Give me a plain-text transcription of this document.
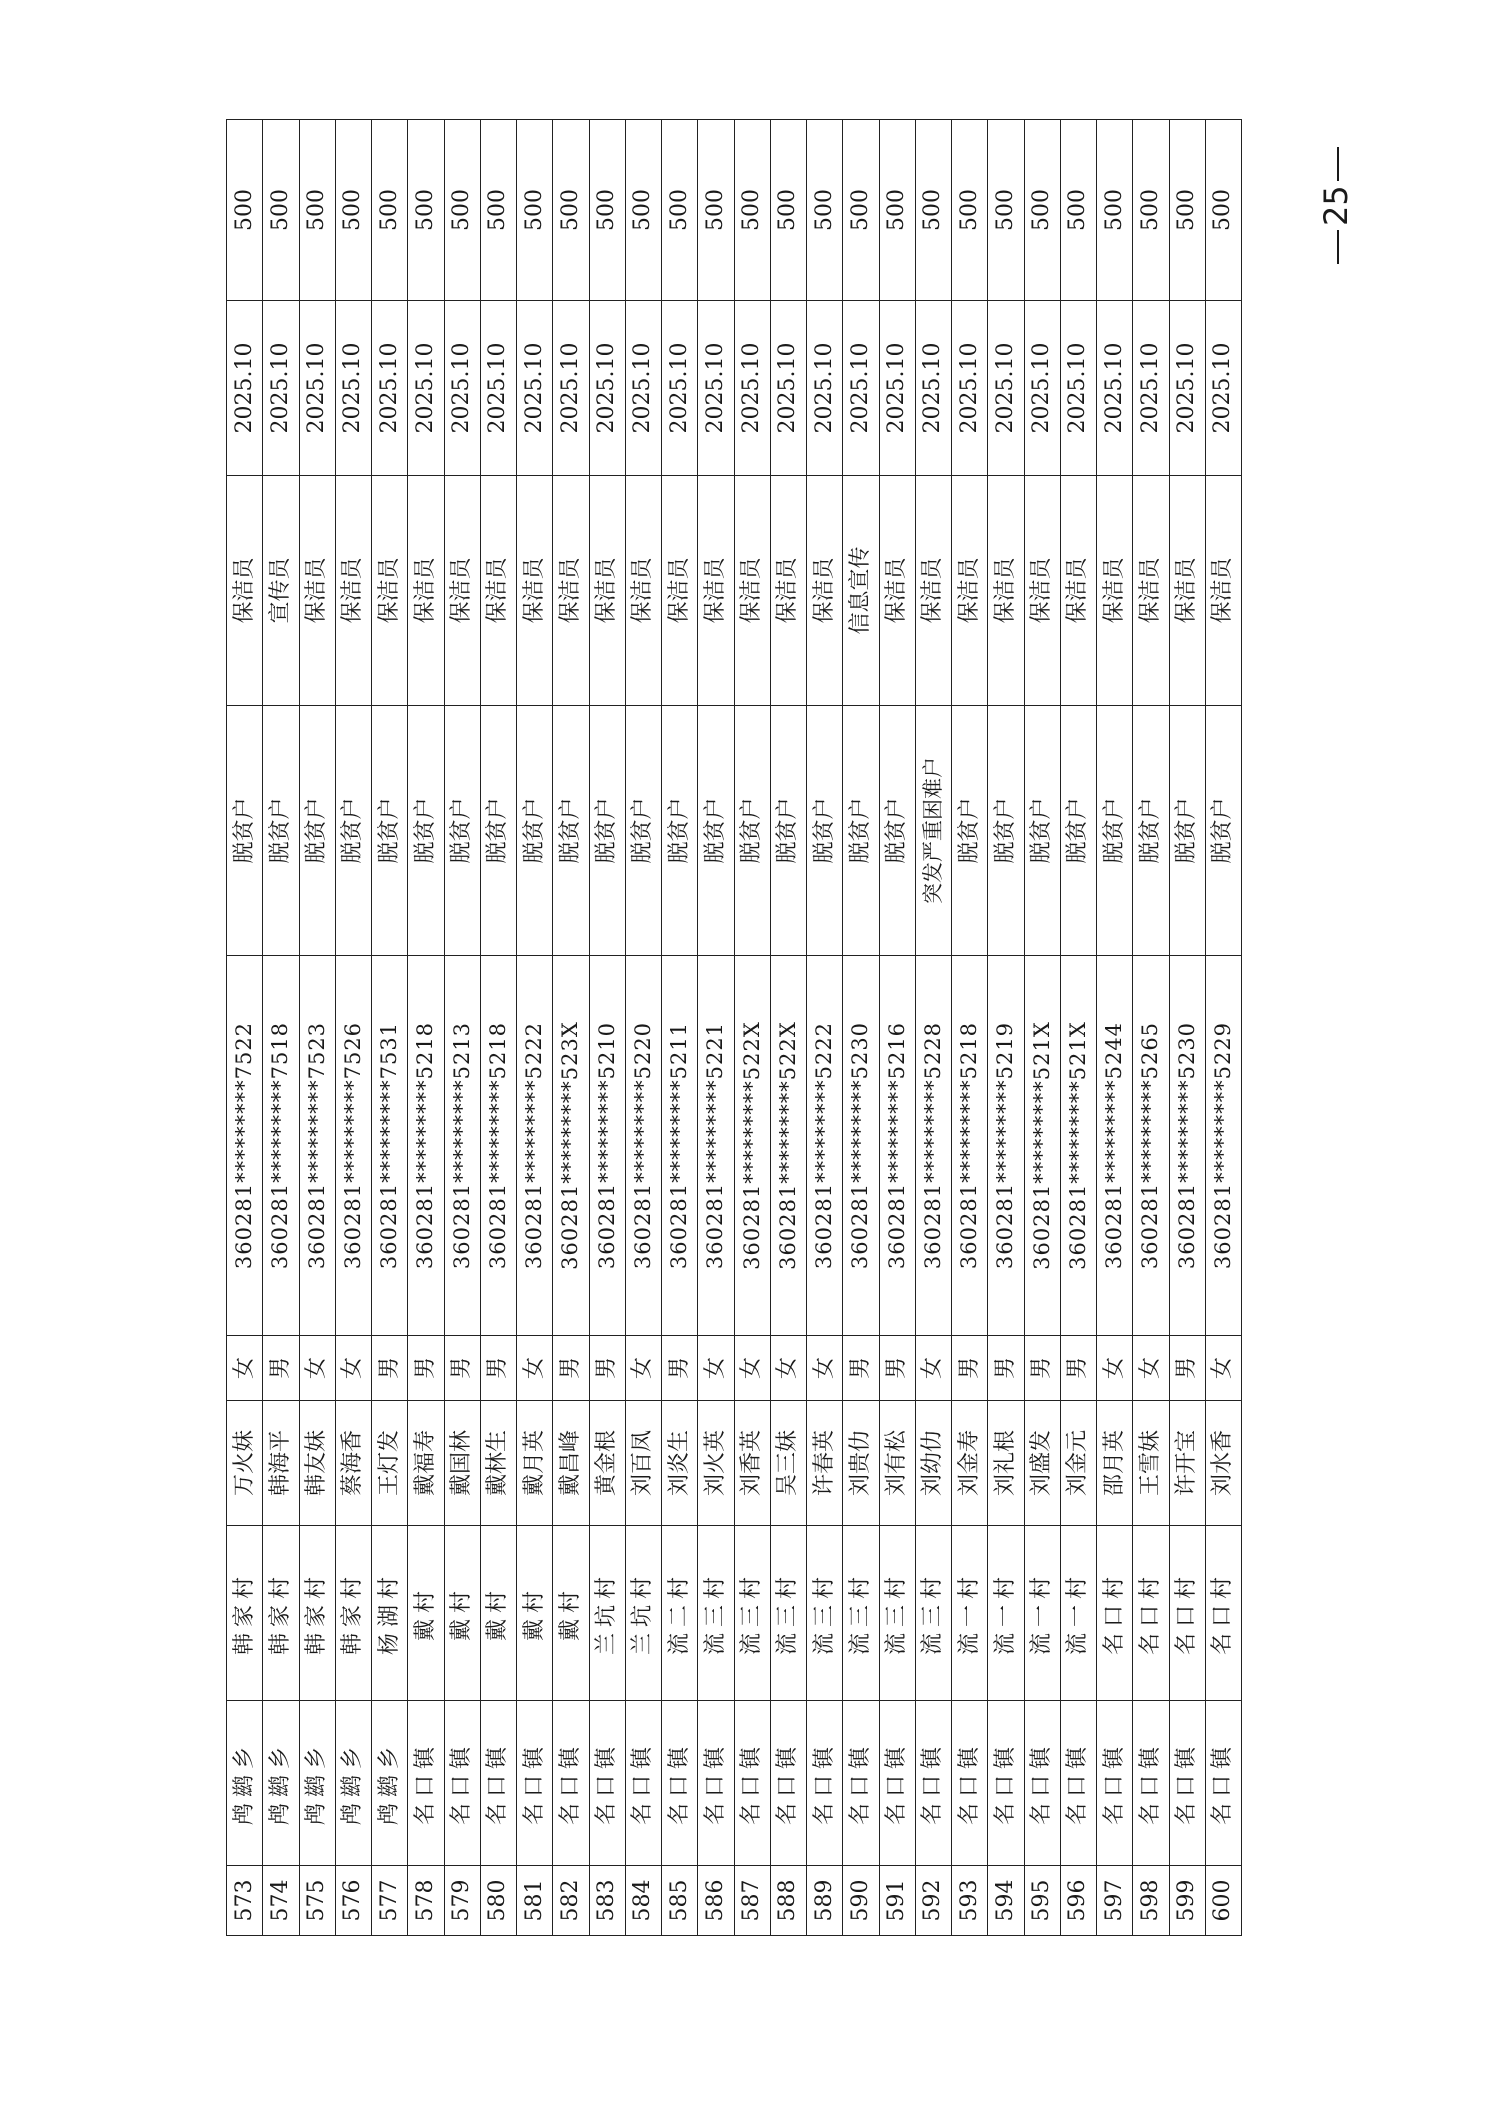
573	鸬鹚乡	韩家村	万火妹	女	360281*********7522	脱贫户	保洁员	2025.10	500
574	鸬鹚乡	韩家村	韩海平	男	360281*********7518	脱贫户	宣传员	2025.10	500
575	鸬鹚乡	韩家村	韩友妹	女	360281*********7523	脱贫户	保洁员	2025.10	500
576	鸬鹚乡	韩家村	蔡海香	女	360281*********7526	脱贫户	保洁员	2025.10	500
577	鸬鹚乡	杨湖村	王灯发	男	360281*********7531	脱贫户	保洁员	2025.10	500
578	名口镇	戴村	戴福寿	男	360281*********5218	脱贫户	保洁员	2025.10	500
579	名口镇	戴村	戴国林	男	360281*********5213	脱贫户	保洁员	2025.10	500
580	名口镇	戴村	戴林生	男	360281*********5218	脱贫户	保洁员	2025.10	500
581	名口镇	戴村	戴月英	女	360281*********5222	脱贫户	保洁员	2025.10	500
582	名口镇	戴村	戴昌峰	男	360281*********523X	脱贫户	保洁员	2025.10	500
583	名口镇	兰坑村	黄金根	男	360281*********5210	脱贫户	保洁员	2025.10	500
584	名口镇	兰坑村	刘百凤	女	360281*********5220	脱贫户	保洁员	2025.10	500
585	名口镇	流二村	刘炎生	男	360281*********5211	脱贫户	保洁员	2025.10	500
586	名口镇	流三村	刘火英	女	360281*********5221	脱贫户	保洁员	2025.10	500
587	名口镇	流三村	刘香英	女	360281*********522X	脱贫户	保洁员	2025.10	500
588	名口镇	流三村	吴三妹	女	360281*********522X	脱贫户	保洁员	2025.10	500
589	名口镇	流三村	许春英	女	360281*********5222	脱贫户	保洁员	2025.10	500
590	名口镇	流三村	刘贵仂	男	360281*********5230	脱贫户	信息宣传	2025.10	500
591	名口镇	流三村	刘有松	男	360281*********5216	脱贫户	保洁员	2025.10	500
592	名口镇	流三村	刘幼仂	女	360281*********5228	突发严重困难户	保洁员	2025.10	500
593	名口镇	流一村	刘金寿	男	360281*********5218	脱贫户	保洁员	2025.10	500
594	名口镇	流一村	刘礼根	男	360281*********5219	脱贫户	保洁员	2025.10	500
595	名口镇	流一村	刘盛发	男	360281*********521X	脱贫户	保洁员	2025.10	500
596	名口镇	流一村	刘金元	男	360281*********521X	脱贫户	保洁员	2025.10	500
597	名口镇	名口村	邵月英	女	360281*********5244	脱贫户	保洁员	2025.10	500
598	名口镇	名口村	王雪妹	女	360281*********5265	脱贫户	保洁员	2025.10	500
599	名口镇	名口村	许开宝	男	360281*********5230	脱贫户	保洁员	2025.10	500
600	名口镇	名口村	刘水香	女	360281*********5229	脱贫户	保洁员	2025.10	500	25
